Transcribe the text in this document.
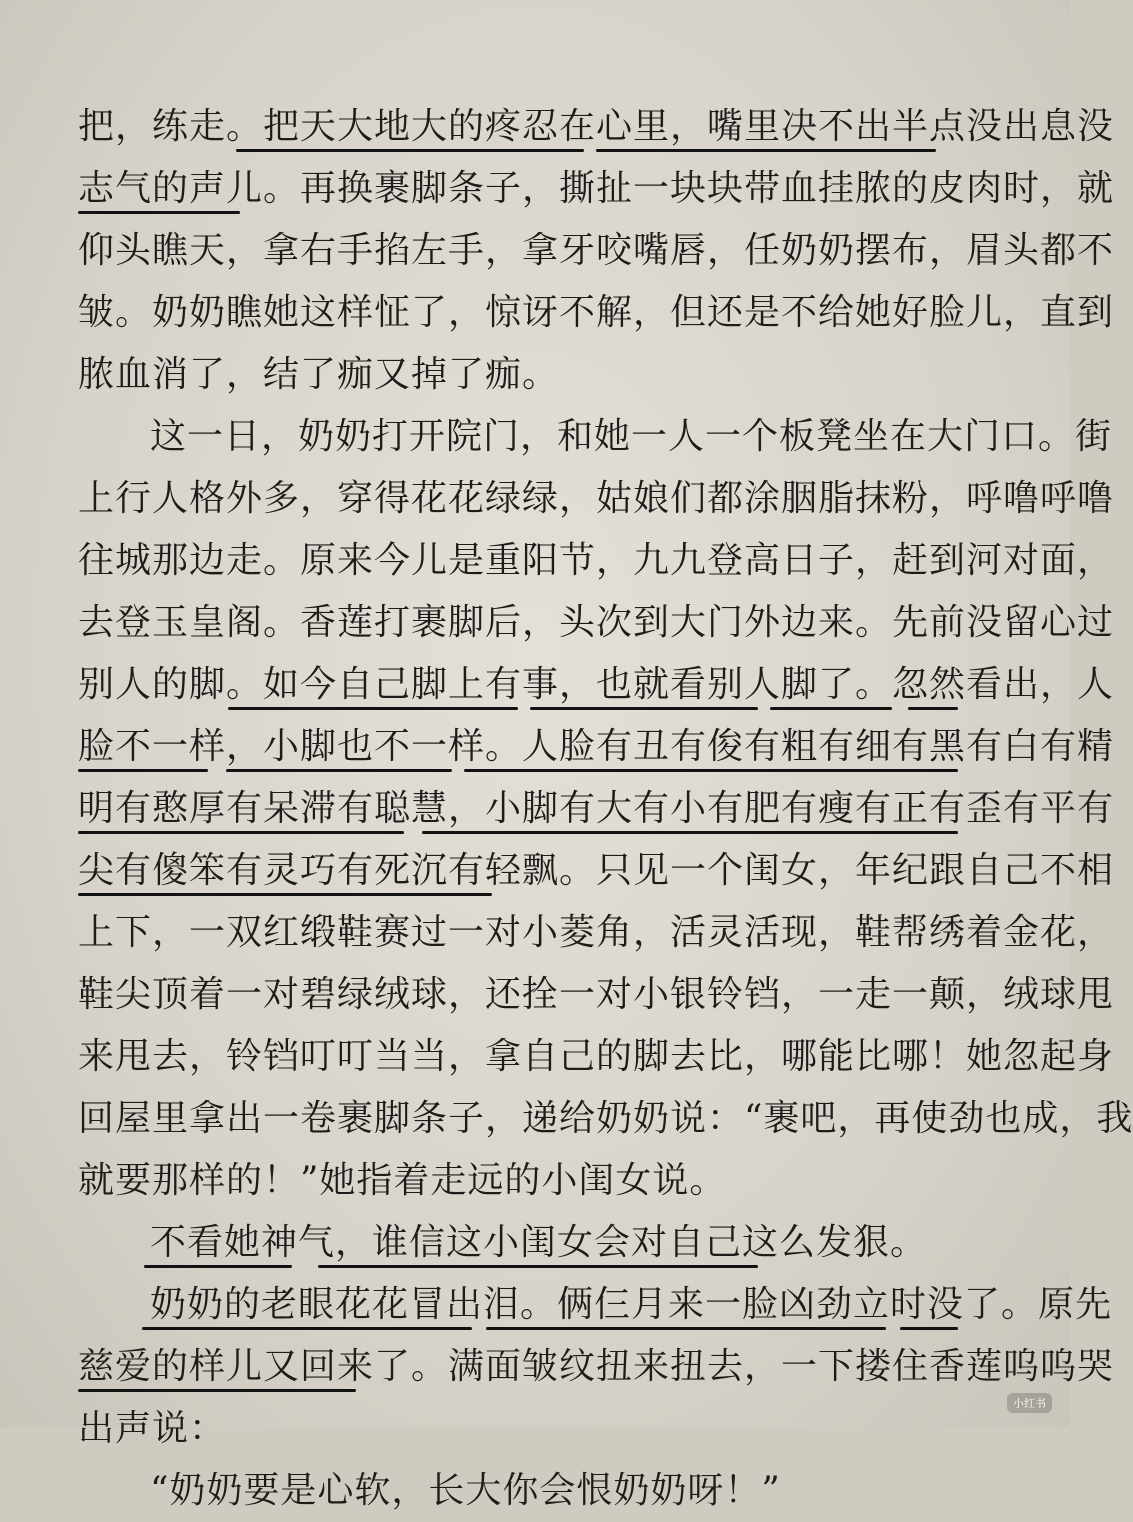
把，练走。把天大地大的疼忍在心里，嘴里决不出半点没出息没
志气的声儿。再换裹脚条子，撕扯一块块带血挂脓的皮肉时，就
仰头瞧天，拿右手掐左手，拿牙咬嘴唇，任奶奶摆布，眉头都不
皱。奶奶瞧她这样怔了，惊讶不解，但还是不给她好脸儿，直到
脓血消了，结了痂又掉了痂。
这一日，奶奶打开院门，和她一人一个板凳坐在大门口。街
上行人格外多，穿得花花绿绿，姑娘们都涂胭脂抹粉，呼噜呼噜
往城那边走。原来今儿是重阳节，九九登高日子，赶到河对面，
去登玉皇阁。香莲打裹脚后，头次到大门外边来。先前没留心过
别人的脚。如今自己脚上有事，也就看别人脚了。忽然看出，人
脸不一样，小脚也不一样。人脸有丑有俊有粗有细有黑有白有精
明有憨厚有呆滞有聪慧，小脚有大有小有肥有瘦有正有歪有平有
尖有傻笨有灵巧有死沉有轻飘。只见一个闺女，年纪跟自己不相
上下，一双红缎鞋赛过一对小菱角，活灵活现，鞋帮绣着金花，
鞋尖顶着一对碧绿绒球，还拴一对小银铃铛，一走一颠，绒球甩
来甩去，铃铛叮叮当当，拿自己的脚去比，哪能比哪！她忽起身
回屋里拿出一卷裹脚条子，递给奶奶说：“裹吧，再使劲也成，我
就要那样的！”她指着走远的小闺女说。
不看她神气，谁信这小闺女会对自己这么发狠。
奶奶的老眼花花冒出泪。俩仨月来一脸凶劲立时没了。原先
慈爱的样儿又回来了。满面皱纹扭来扭去，一下搂住香莲呜呜哭
出声说：
“奶奶要是心软，长大你会恨奶奶呀！”
小红书
